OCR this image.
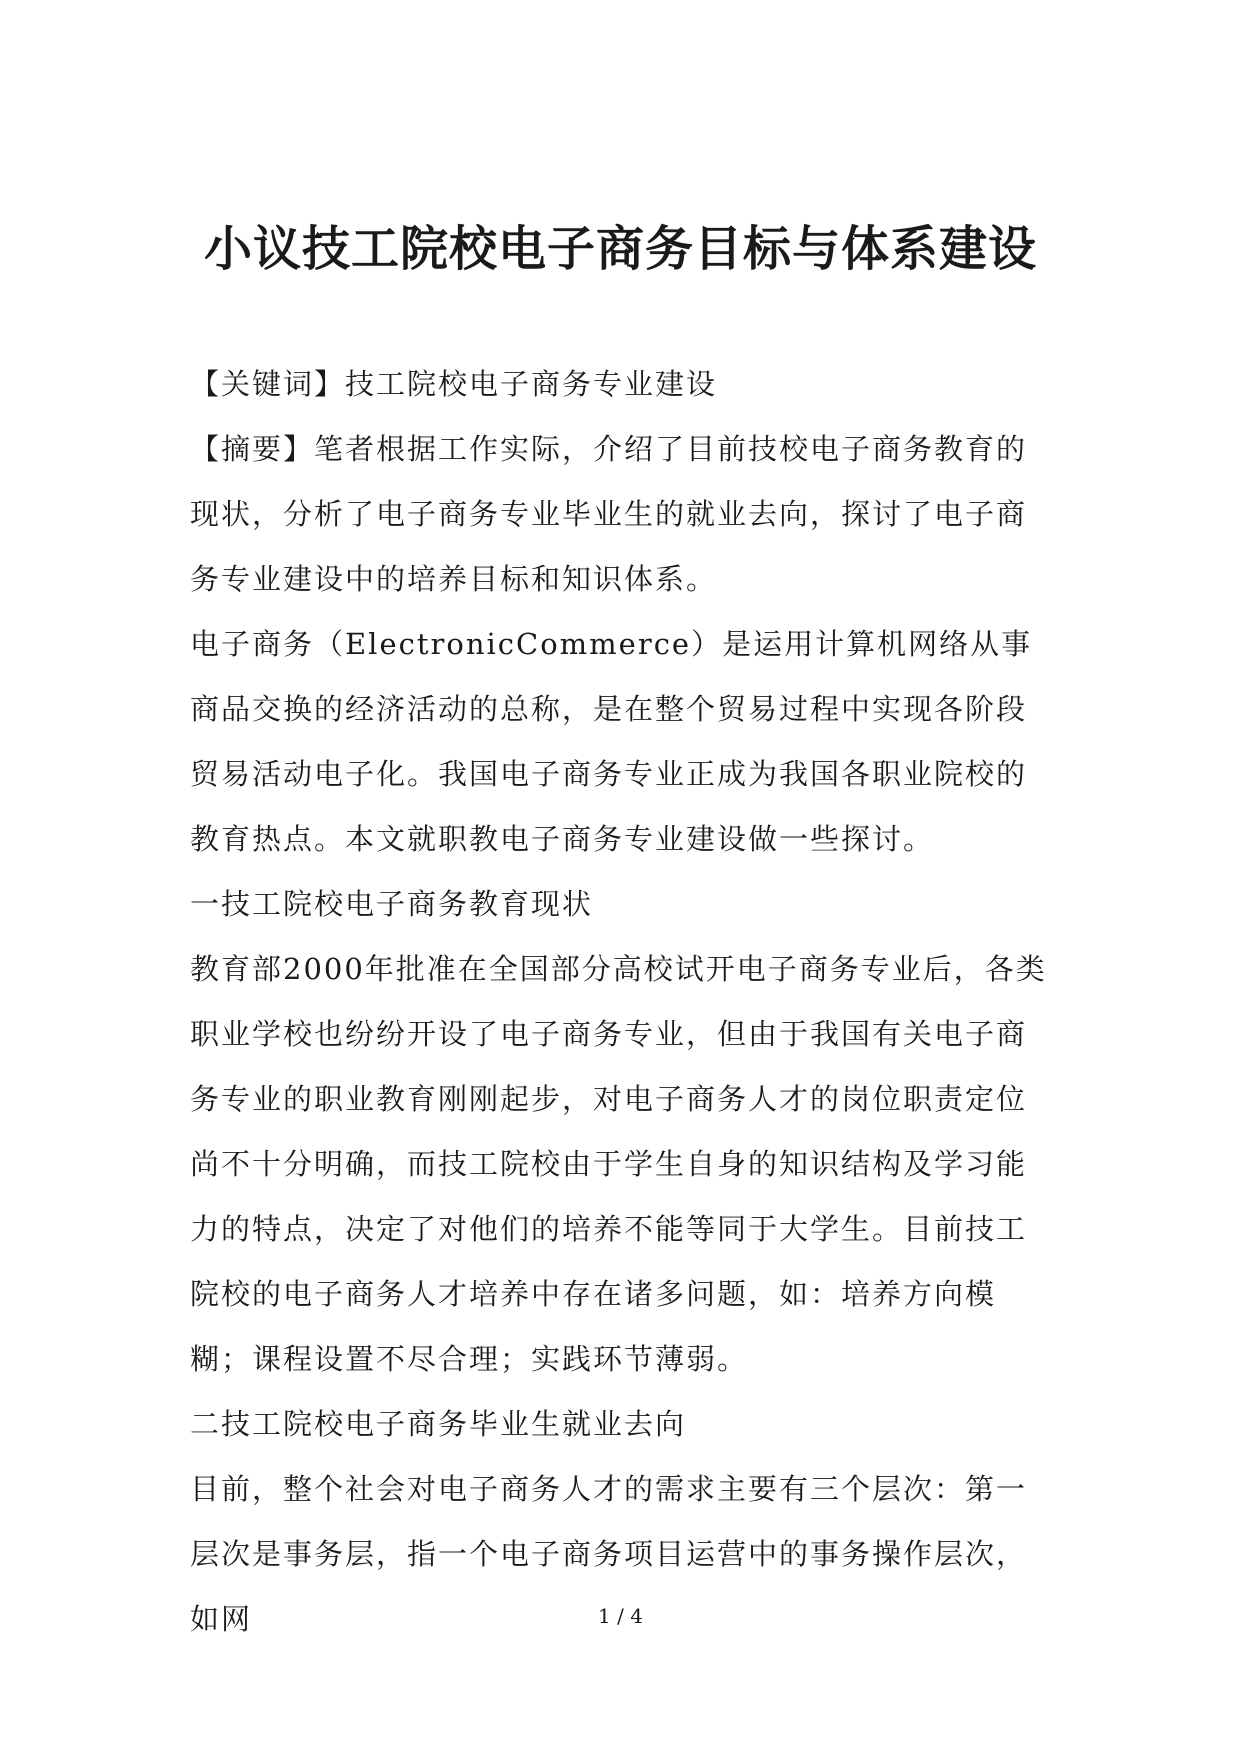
小议技工院校电子商务目标与体系建设

【关键词】技工院校电子商务专业建设

【摘要】笔者根据工作实际，介绍了目前技校电子商务教育的现状，分析了电子商务专业毕业生的就业去向，探讨了电子商务专业建设中的培养目标和知识体系。

电子商务（ElectronicCommerce）是运用计算机网络从事商品交换的经济活动的总称，是在整个贸易过程中实现各阶段贸易活动电子化。我国电子商务专业正成为我国各职业院校的教育热点。本文就职教电子商务专业建设做一些探讨。

一技工院校电子商务教育现状

教育部2000年批准在全国部分高校试开电子商务专业后，各类职业学校也纷纷开设了电子商务专业，但由于我国有关电子商务专业的职业教育刚刚起步，对电子商务人才的岗位职责定位尚不十分明确，而技工院校由于学生自身的知识结构及学习能力的特点，决定了对他们的培养不能等同于大学生。目前技工院校的电子商务人才培养中存在诸多问题，如：培养方向模糊；课程设置不尽合理；实践环节薄弱。

二技工院校电子商务毕业生就业去向

目前，整个社会对电子商务人才的需求主要有三个层次：第一层次是事务层，指一个电子商务项目运营中的事务操作层次，如网	1 / 4
